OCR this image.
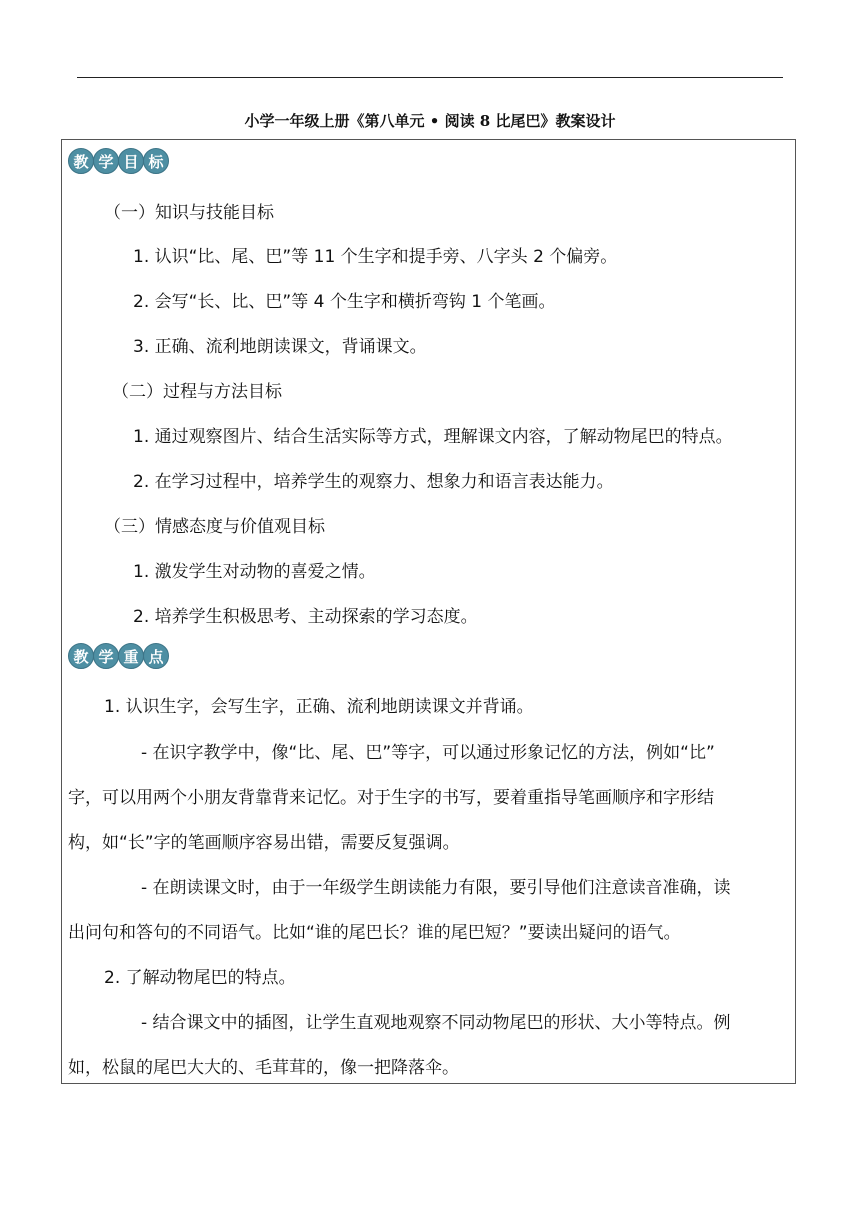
小学一年级上册《第八单元 • 阅读 8 比尾巴》教案设计
教 学 目 标
（一）知识与技能目标
1. 认识“比、尾、巴”等 11 个生字和提手旁、八字头 2 个偏旁。
2. 会写“长、比、巴”等 4 个生字和横折弯钩 1 个笔画。
3. 正确、流利地朗读课文，背诵课文。
（二）过程与方法目标
1. 通过观察图片、结合生活实际等方式，理解课文内容，了解动物尾巴的特点。
2. 在学习过程中，培养学生的观察力、想象力和语言表达能力。
（三）情感态度与价值观目标
1. 激发学生对动物的喜爱之情。
2. 培养学生积极思考、主动探索的学习态度。
教 学 重 点
1. 认识生字，会写生字，正确、流利地朗读课文并背诵。
- 在识字教学中，像“比、尾、巴”等字，可以通过形象记忆的方法，例如“比”
字，可以用两个小朋友背靠背来记忆。对于生字的书写，要着重指导笔画顺序和字形结
构，如“长”字的笔画顺序容易出错，需要反复强调。
- 在朗读课文时，由于一年级学生朗读能力有限，要引导他们注意读音准确，读
出问句和答句的不同语气。比如“谁的尾巴长？谁的尾巴短？”要读出疑问的语气。
2. 了解动物尾巴的特点。
- 结合课文中的插图，让学生直观地观察不同动物尾巴的形状、大小等特点。例
如，松鼠的尾巴大大的、毛茸茸的，像一把降落伞。
